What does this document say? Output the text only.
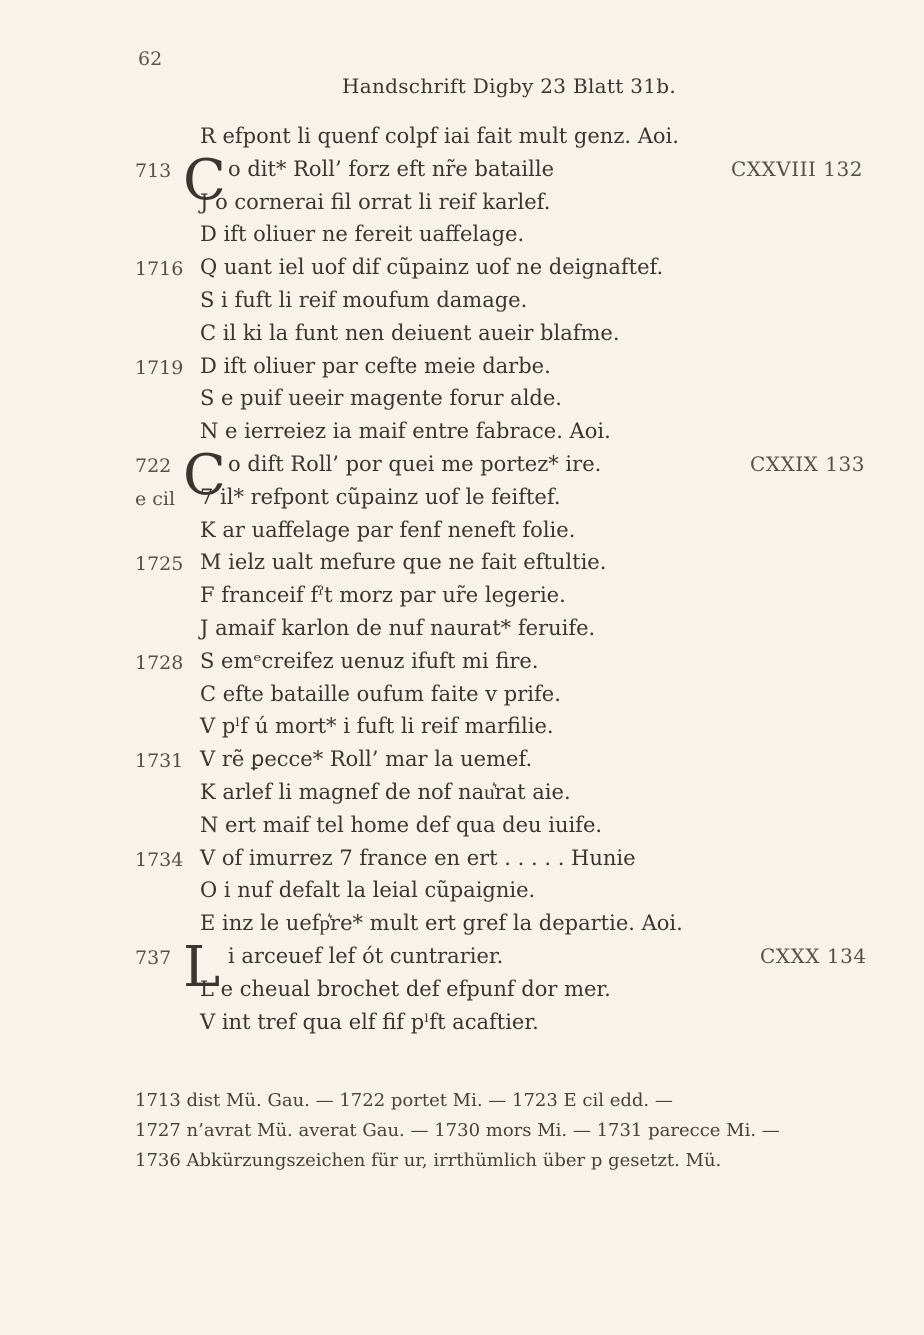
62
Handschrift Digby 23 Blatt 31b.
R efpont li quenf colpf iai fait mult genz. Aoi.
713	o dit* Roll’ forz eft nr̃e bataille	CXXVIII 132
C
J o cornerai fil orrat li reif karlef.
D ift oliuer ne fereit uaffelage.
1716 Q uant iel uof dif cũpainz uof ne deignaftef.
S i fuft li reif moufum damage.
C il ki la funt nen deiuent aueir blafme.
1719 D ift oliuer par cefte meie darbe.
S e puif ueeir magente forur alde.
N e ierreiez ia maif entre fabrace. Aoi.
722	o dift Roll’ por quei me portez* ire.	CXXIX 133
C
e cil 7 il* refpont cũpainz uof le feiftef.
K ar uaffelage par fenf neneft folie.
1725 M ielz ualt mefure que ne fait eftultie.
F franceif fˀt morz par ur̃e legerie.
J amaif karlon de nuf naurat* feruife.
1728 S emᵉcreifez uenuz ifuft mi fire.
C efte bataille oufum faite v prife.
V pˡf ú mort* i fuft li reif marfilie.
1731 V rẽ ꝑecce* Roll’ mar la uemef.
K arlef li magnef de nof nau͛rat aie.
N ert maif tel home def qua deu iuife.
1734 V of imurrez 7 france en ert . . . . . Hunie
O i nuf defalt la leial cũpaignie.
E inz le uefp͛re* mult ert gref la departie. Aoi.
737	i arceuef lef ót cuntrarier.	CXXX 134
L
L e cheual brochet def efpunf dor mer.
V int tref qua elf fif pˡft acaftier.
1713 dist Mü. Gau. — 1722 portet Mi. — 1723 E cil edd. —
1727 n’avrat Mü. averat Gau. — 1730 mors Mi. — 1731 parecce Mi. —
1736 Abkürzungszeichen für ur, irrthümlich über p gesetzt. Mü.
